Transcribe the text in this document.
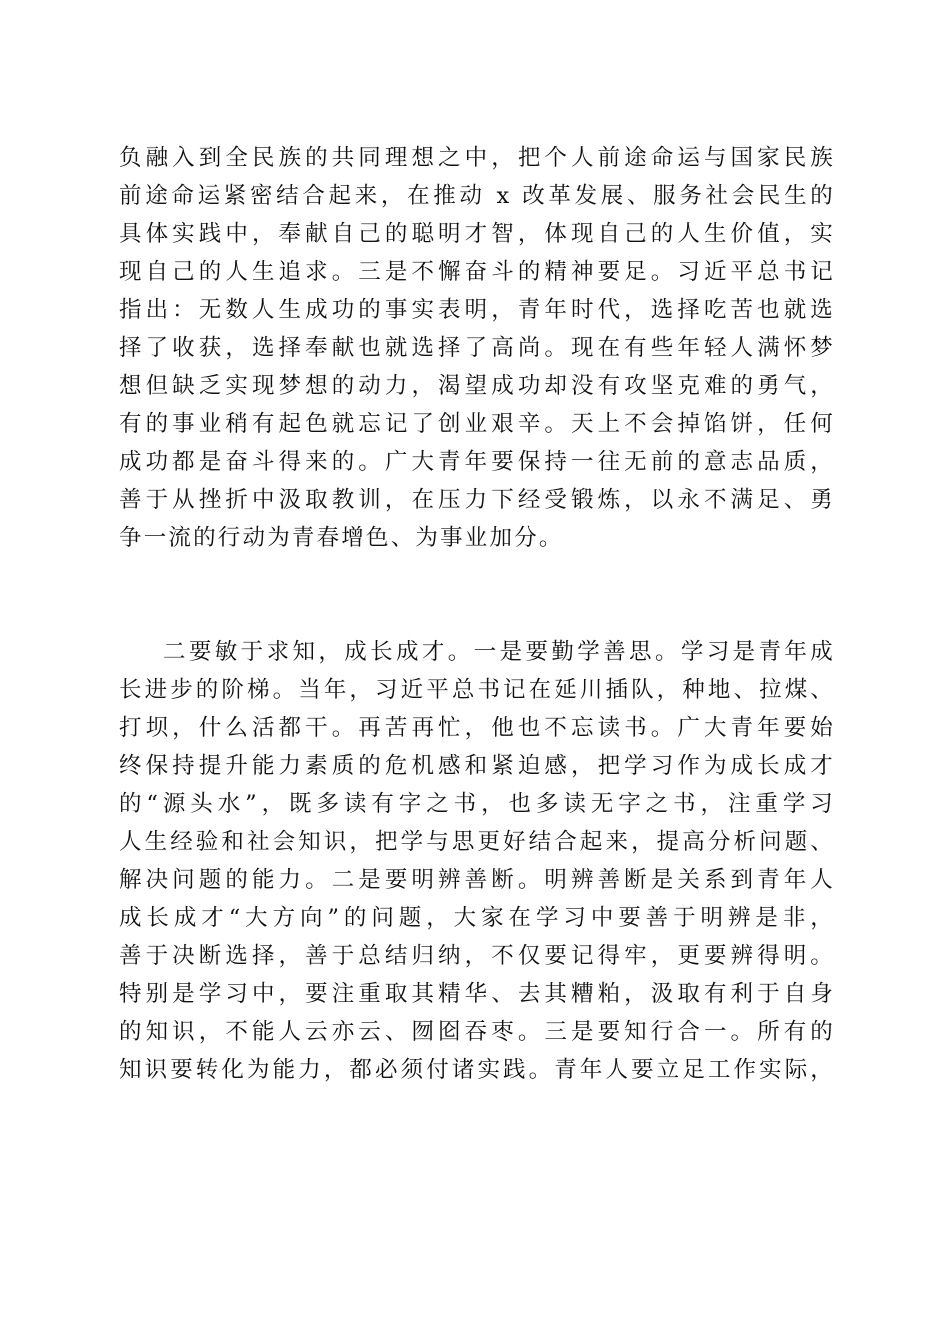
负融入到全民族的共同理想之中，把个人前途命运与国家民族
前途命运紧密结合起来，在推动 x 改革发展、服务社会民生的
具体实践中，奉献自己的聪明才智，体现自己的人生价值，实
现自己的人生追求。三是不懈奋斗的精神要足。习近平总书记
指出：无数人生成功的事实表明，青年时代，选择吃苦也就选
择了收获，选择奉献也就选择了高尚。现在有些年轻人满怀梦
想但缺乏实现梦想的动力，渴望成功却没有攻坚克难的勇气，
有的事业稍有起色就忘记了创业艰辛。天上不会掉馅饼，任何
成功都是奋斗得来的。广大青年要保持一往无前的意志品质，
善于从挫折中汲取教训，在压力下经受锻炼，以永不满足、勇
争一流的行动为青春增色、为事业加分。
二要敏于求知，成长成才。一是要勤学善思。学习是青年成
长进步的阶梯。当年，习近平总书记在延川插队，种地、拉煤、
打坝，什么活都干。再苦再忙，他也不忘读书。广大青年要始
终保持提升能力素质的危机感和紧迫感，把学习作为成长成才
的“源头水”，既多读有字之书，也多读无字之书，注重学习
人生经验和社会知识，把学与思更好结合起来，提高分析问题、
解决问题的能力。二是要明辨善断。明辨善断是关系到青年人
成长成才“大方向”的问题，大家在学习中要善于明辨是非，
善于决断选择，善于总结归纳，不仅要记得牢，更要辨得明。
特别是学习中，要注重取其精华、去其糟粕，汲取有利于自身
的知识，不能人云亦云、囫囵吞枣。三是要知行合一。所有的
知识要转化为能力，都必须付诸实践。青年人要立足工作实际，
